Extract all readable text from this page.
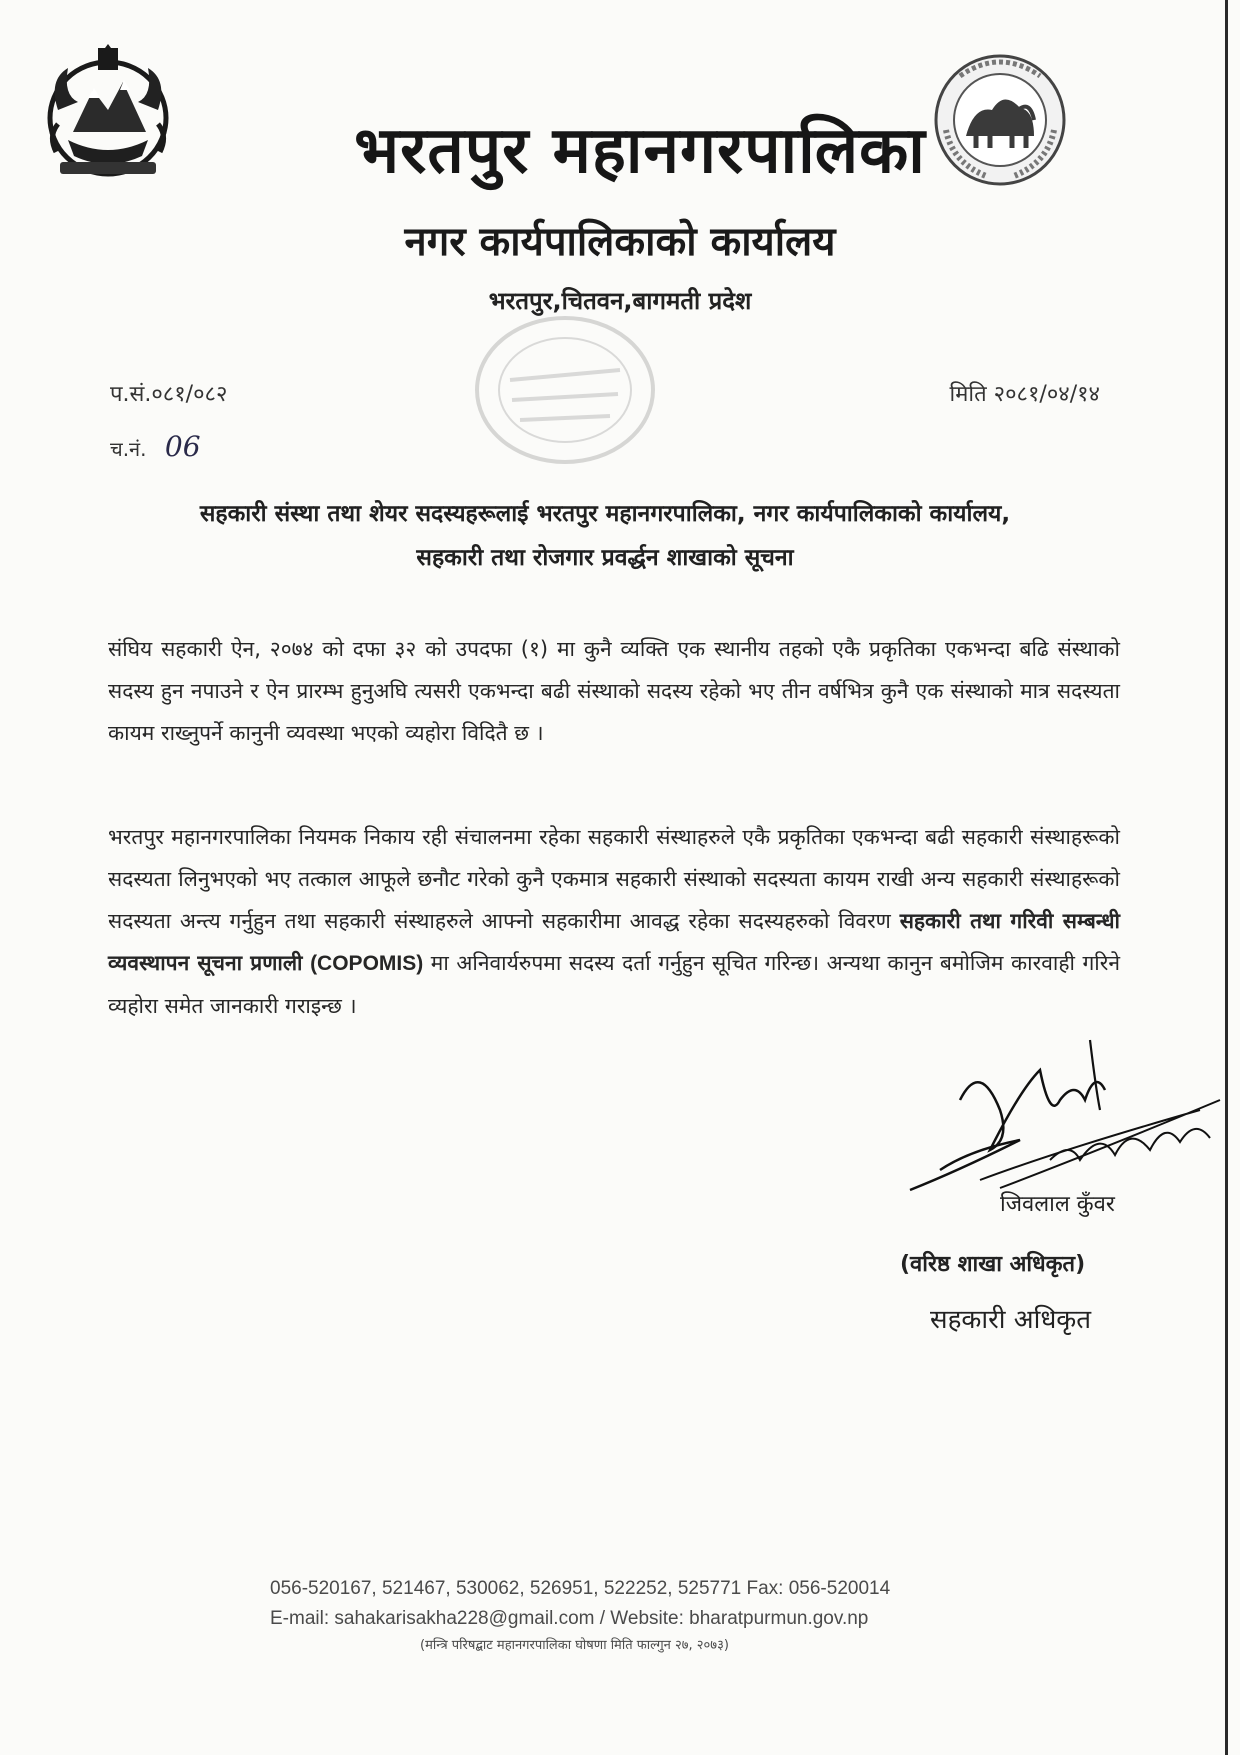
भरतपुर महानगरपालिका
नगर कार्यपालिकाको कार्यालय
भरतपुर,चितवन,बागमती प्रदेश
प.सं.०८१/०८२	मिति २०८१/०४/१४
च.नं. 06
सहकारी संस्था तथा शेयर सदस्यहरूलाई भरतपुर महानगरपालिका, नगर कार्यपालिकाको कार्यालय,
सहकारी तथा रोजगार प्रवर्द्धन शाखाको सूचना
संघिय सहकारी ऐन, २०७४ को दफा ३२ को उपदफा (१) मा कुनै व्यक्ति एक स्थानीय तहको एकै प्रकृतिका एकभन्दा बढि संस्थाको सदस्य हुन नपाउने र ऐन प्रारम्भ हुनुअघि त्यसरी एकभन्दा बढी संस्थाको सदस्य रहेको भए तीन वर्षभित्र कुनै एक संस्थाको मात्र सदस्यता कायम राख्नुपर्ने कानुनी व्यवस्था भएको व्यहोरा विदितै छ ।
भरतपुर महानगरपालिका नियमक निकाय रही संचालनमा रहेका सहकारी संस्थाहरुले एकै प्रकृतिका एकभन्दा बढी सहकारी संस्थाहरूको सदस्यता लिनुभएको भए तत्काल आफूले छनौट गरेको कुनै एकमात्र सहकारी संस्थाको सदस्यता कायम राखी अन्य सहकारी संस्थाहरूको सदस्यता अन्त्य गर्नुहुन तथा सहकारी संस्थाहरुले आफ्नो सहकारीमा आवद्ध रहेका सदस्यहरुको विवरण सहकारी तथा गरिवी सम्बन्धी व्यवस्थापन सूचना प्रणाली (COPOMIS) मा अनिवार्यरुपमा सदस्य दर्ता गर्नुहुन सूचित गरिन्छ। अन्यथा कानुन बमोजिम कारवाही गरिने व्यहोरा समेत जानकारी गराइन्छ ।
जिवलाल कुँवर
(वरिष्ठ शाखा अधिकृत)
सहकारी अधिकृत
056-520167, 521467, 530062, 526951, 522252, 525771 Fax: 056-520014
E-mail: sahakarisakha228@gmail.com / Website: bharatpurmun.gov.np
(मन्त्रि परिषद्बाट महानगरपालिका घोषणा मिति फाल्गुन २७, २०७३)
